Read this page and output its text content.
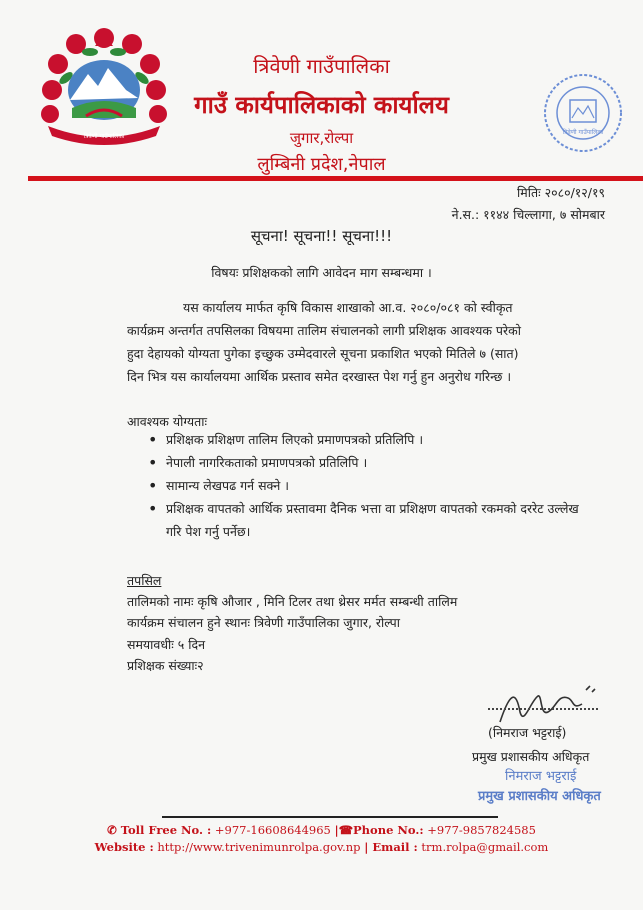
त्रिवेणी गाउँपालिका
त्रिवेणी गाउँपालिका
त्रिवेणी गाउँपालिका
गाउँ कार्यपालिकाको कार्यालय
जुगार,रोल्पा
लुम्बिनी प्रदेश,नेपाल
मितिः २०८०/१२/१९
ने.स.: ११४४ चिल्लागा, ७ सोमबार
सूचना! सूचना!! सूचना!!!
विषयः प्रशिक्षकको लागि आवेदन माग सम्बन्धमा ।
यस कार्यालय मार्फत कृषि विकास शाखाको आ.व. २०८०/०८१ को स्वीकृत
कार्यक्रम अन्तर्गत तपसिलका विषयमा तालिम संचालनको लागी प्रशिक्षक आवश्यक परेको
हुदा देहायको योग्यता पुगेका इच्छुक उम्मेदवारले सूचना प्रकाशित भएको मितिले ७ (सात)
दिन भित्र यस कार्यालयमा आर्थिक प्रस्ताव समेत दरखास्त पेश गर्नु हुन अनुरोध गरिन्छ ।
आवश्यक योग्यताः
• प्रशिक्षक प्रशिक्षण तालिम लिएको प्रमाणपत्रको प्रतिलिपि ।
• नेपाली नागरिकताको प्रमाणपत्रको प्रतिलिपि ।
• सामान्य लेखपढ गर्न सक्ने ।
• प्रशिक्षक वापतको आर्थिक प्रस्तावमा दैनिक भत्ता वा प्रशिक्षण वापतको रकमको दररेट उल्लेख गरि पेश गर्नु पर्नेछ।
तपसिल
तालिमको नामः कृषि औजार , मिनि टिलर तथा थ्रेसर मर्मत सम्बन्धी तालिम
कार्यक्रम संचालन हुने स्थानः त्रिवेणी गाउँपालिका जुगार, रोल्पा
समयावधीः ५ दिन
प्रशिक्षक संख्याः२
(निमराज भट्टराई)
प्रमुख प्रशासकीय अधिकृत
निमराज भट्टराई
प्रमुख प्रशासकीय अधिकृत
✆ Toll Free No. : +977-16608644965 |☎Phone No.: +977-9857824585
Website : http://www.trivenimunrolpa.gov.np | Email : trm.rolpa@gmail.com
